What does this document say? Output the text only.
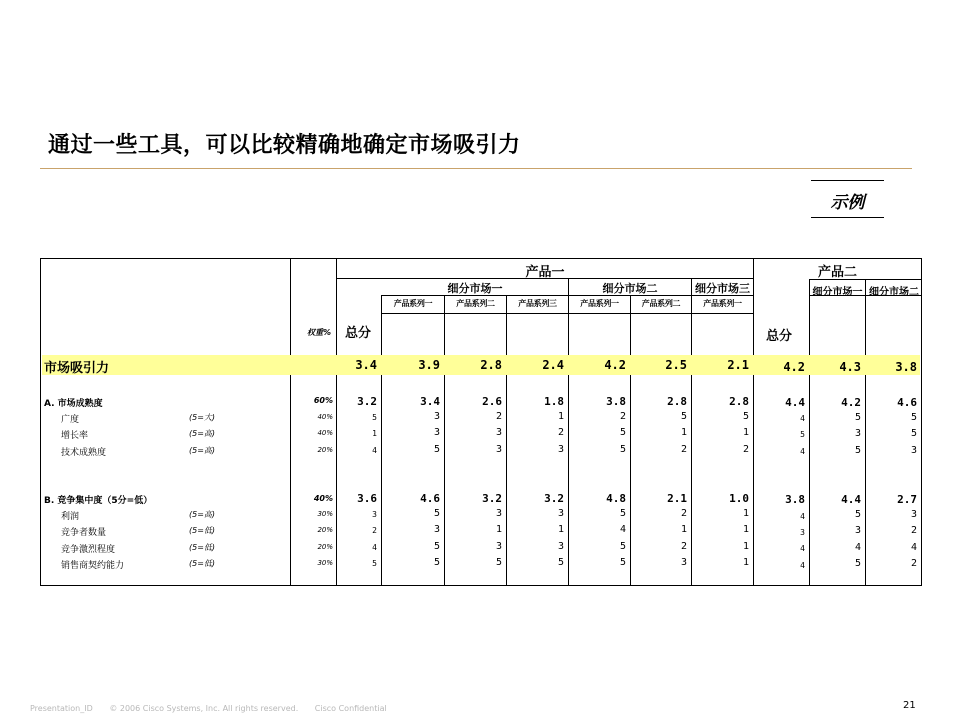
通过一些工具，可以比较精确地确定市场吸引力
示例
产品一	产品二
细分市场一	细分市场二	细分市场三	细分市场一 细分市场二
产品系列一	产品系列二	产品系列三	产品系列一	产品系列二	产品系列一
权重% 总分	总分
市场吸引力	3.4	3.9	2.8	2.4	4.2	2.5	2.1	4.2	4.3	3.8
A. 市场成熟度	60%	3.2	3.4	2.6	1.8	3.8	2.8	2.8	4.4	4.2	4.6
广度	(5=大)	40%	5	3	2	1	2	5	5	4	5	5
增长率	(5=高)	40%	1	3	3	2	5	1	1	5	3	5
技术成熟度	(5=高)	20%	4	5	3	3	5	2	2	4	5	3
B. 竞争集中度（5分=低）	40%	3.6	4.6	3.2	3.2	4.8	2.1	1.0	3.8	4.4	2.7
利润	(5=高)	30%	3	5	3	3	5	2	1	4	5	3
竞争者数量	(5=低)	20%	2	3	1	1	4	1	1	3	3	2
竞争激烈程度	(5=低)	20%	4	5	3	3	5	2	1	4	4	4
销售商契约能力	(5=低)	30%	5	5	5	5	5	3	1	4	5	2
Presentation_ID © 2006 Cisco Systems, Inc. All rights reserved. Cisco Confidential	21
